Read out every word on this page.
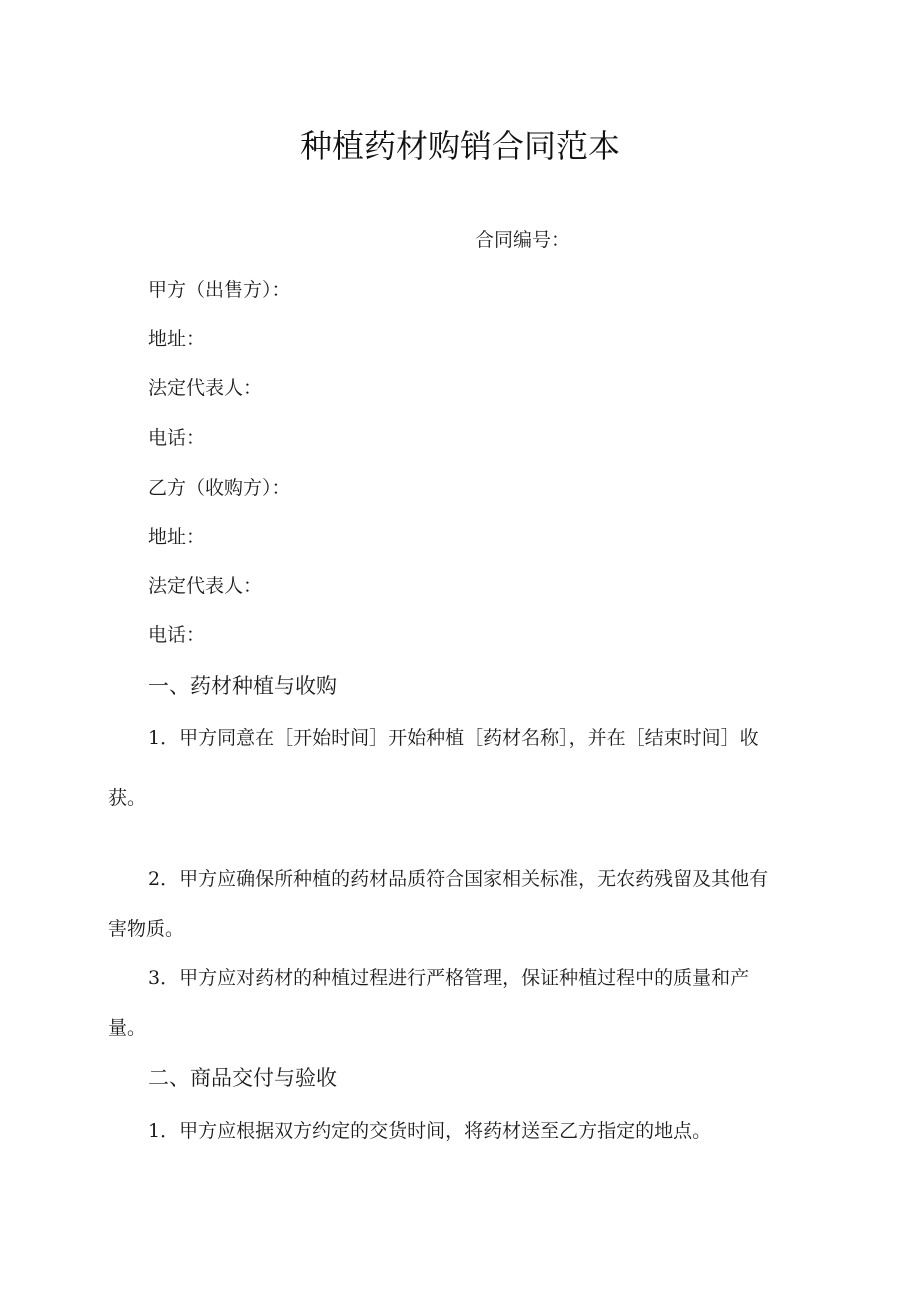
种植药材购销合同范本
合同编号：
甲方（出售方）：
地址：
法定代表人：
电话：
乙方（收购方）：
地址：
法定代表人：
电话：
一、药材种植与收购
1．甲方同意在［开始时间］开始种植［药材名称］，并在［结束时间］收
获。
2．甲方应确保所种植的药材品质符合国家相关标准，无农药残留及其他有
害物质。
3．甲方应对药材的种植过程进行严格管理，保证种植过程中的质量和产
量。
二、商品交付与验收
1．甲方应根据双方约定的交货时间，将药材送至乙方指定的地点。
